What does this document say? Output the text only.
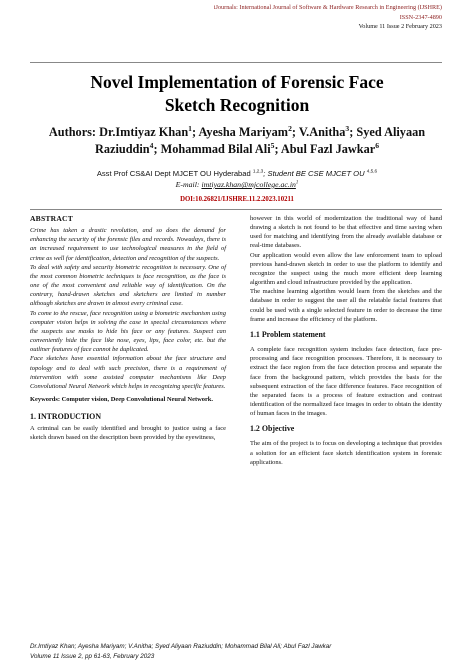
iJournals: International Journal of Software & Hardware Research in Engineering (IJSHRE)
ISSN-2347-4890
Volume 11 Issue 2 February 2023
Novel Implementation of Forensic Face
Sketch Recognition
Authors: Dr.Imtiyaz Khan$^1$; Ayesha Mariyam$^2$; V.Anitha$^3$; Syed Aliyaan Raziuddin$^4$; Mohammad Bilal Ali$^5$; Abul Fazl Jawkar$^6$
Asst Prof CS&AI Dept MJCET OU Hyderabad $^{1,2,3}$; Student BE CSE MJCET OU $^{4,5,6}$
E-mail: $imtiyaz.khan@mjcollege.ac.in^1$
DOI:10.26821/IJSHRE.11.2.2023.10211
ABSTRACT

Crime has taken a drastic revolution, and so does the demand for enhancing the security of the forensic files and records. Nowadays, there is an increased requirement to use technological measures in the field of crime as well for identification, detection and recognition of the suspects.

To deal with safety and security biometric recognition is necessary. One of the most common biometric techniques is face recognition, as the face is one of the most convenient and reliable way of identification. On the contrary, hand-drawn sketches and sketchers are limited in number although sketches are drawn in almost every criminal case.

To come to the rescue, face recognition using a biometric mechanism using computer vision helps in solving the case in special circumstances where the suspects use masks to hide his face or any features. Suspect can conveniently hide the face like nose, eyes, lips, face color, etc. but the outliner features of face cannot be duplicated.

Face sketches have essential information about the face structure and topology and to deal with such precision, there is a requirement of intervention with some assisted computer mechanisms like Deep Convolutional Neural Network which helps in recognizing specific features.

Keywords: Computer vision, Deep Convolutional Neural Network.
1. INTRODUCTION
A criminal can be easily identified and brought to justice using a face sketch drawn based on the description been provided by the eyewitness,

however in this world of modernization the traditional way of hand drawing a sketch is not found to be that effective and time saving when used for matching and identifying from the already available database or real-time databases.

Our application would even allow the law enforcement team to upload previous hand-drawn sketch in order to use the platform to identify and recognize the suspect using the much more efficient deep learning algorithm and cloud infrastructure provided by the application.

The machine learning algorithm would learn from the sketches and the database in order to suggest the user all the relatable facial features that could be used with a single selected feature in order to decrease the time frame and increase the efficiency of the platform.

1.1 Problem statement
A complete face recognition system includes face detection, face pre-processing and face recognition processes. Therefore, it is necessary to extract the face region from the face detection process and separate the face from the background pattern, which provides the basis for the subsequent extraction of the face difference features. Face recognition of the separated faces is a process of feature extraction and contrast identification of the normalized face images in order to obtain the identity of human faces in the images.
1.2 Objective
The aim of the project is to focus on developing a technique that provides a solution for an efficient face sketch identification system in forensic applications.
Dr.Imtiyaz Khan; Ayesha Mariyam; V.Anitha; Syed Aliyaan Raziuddin; Mohammad Bilal Ali; Abul Fazl Jawkar
Volume 11 Issue 2, pp 61-63, February 2023
